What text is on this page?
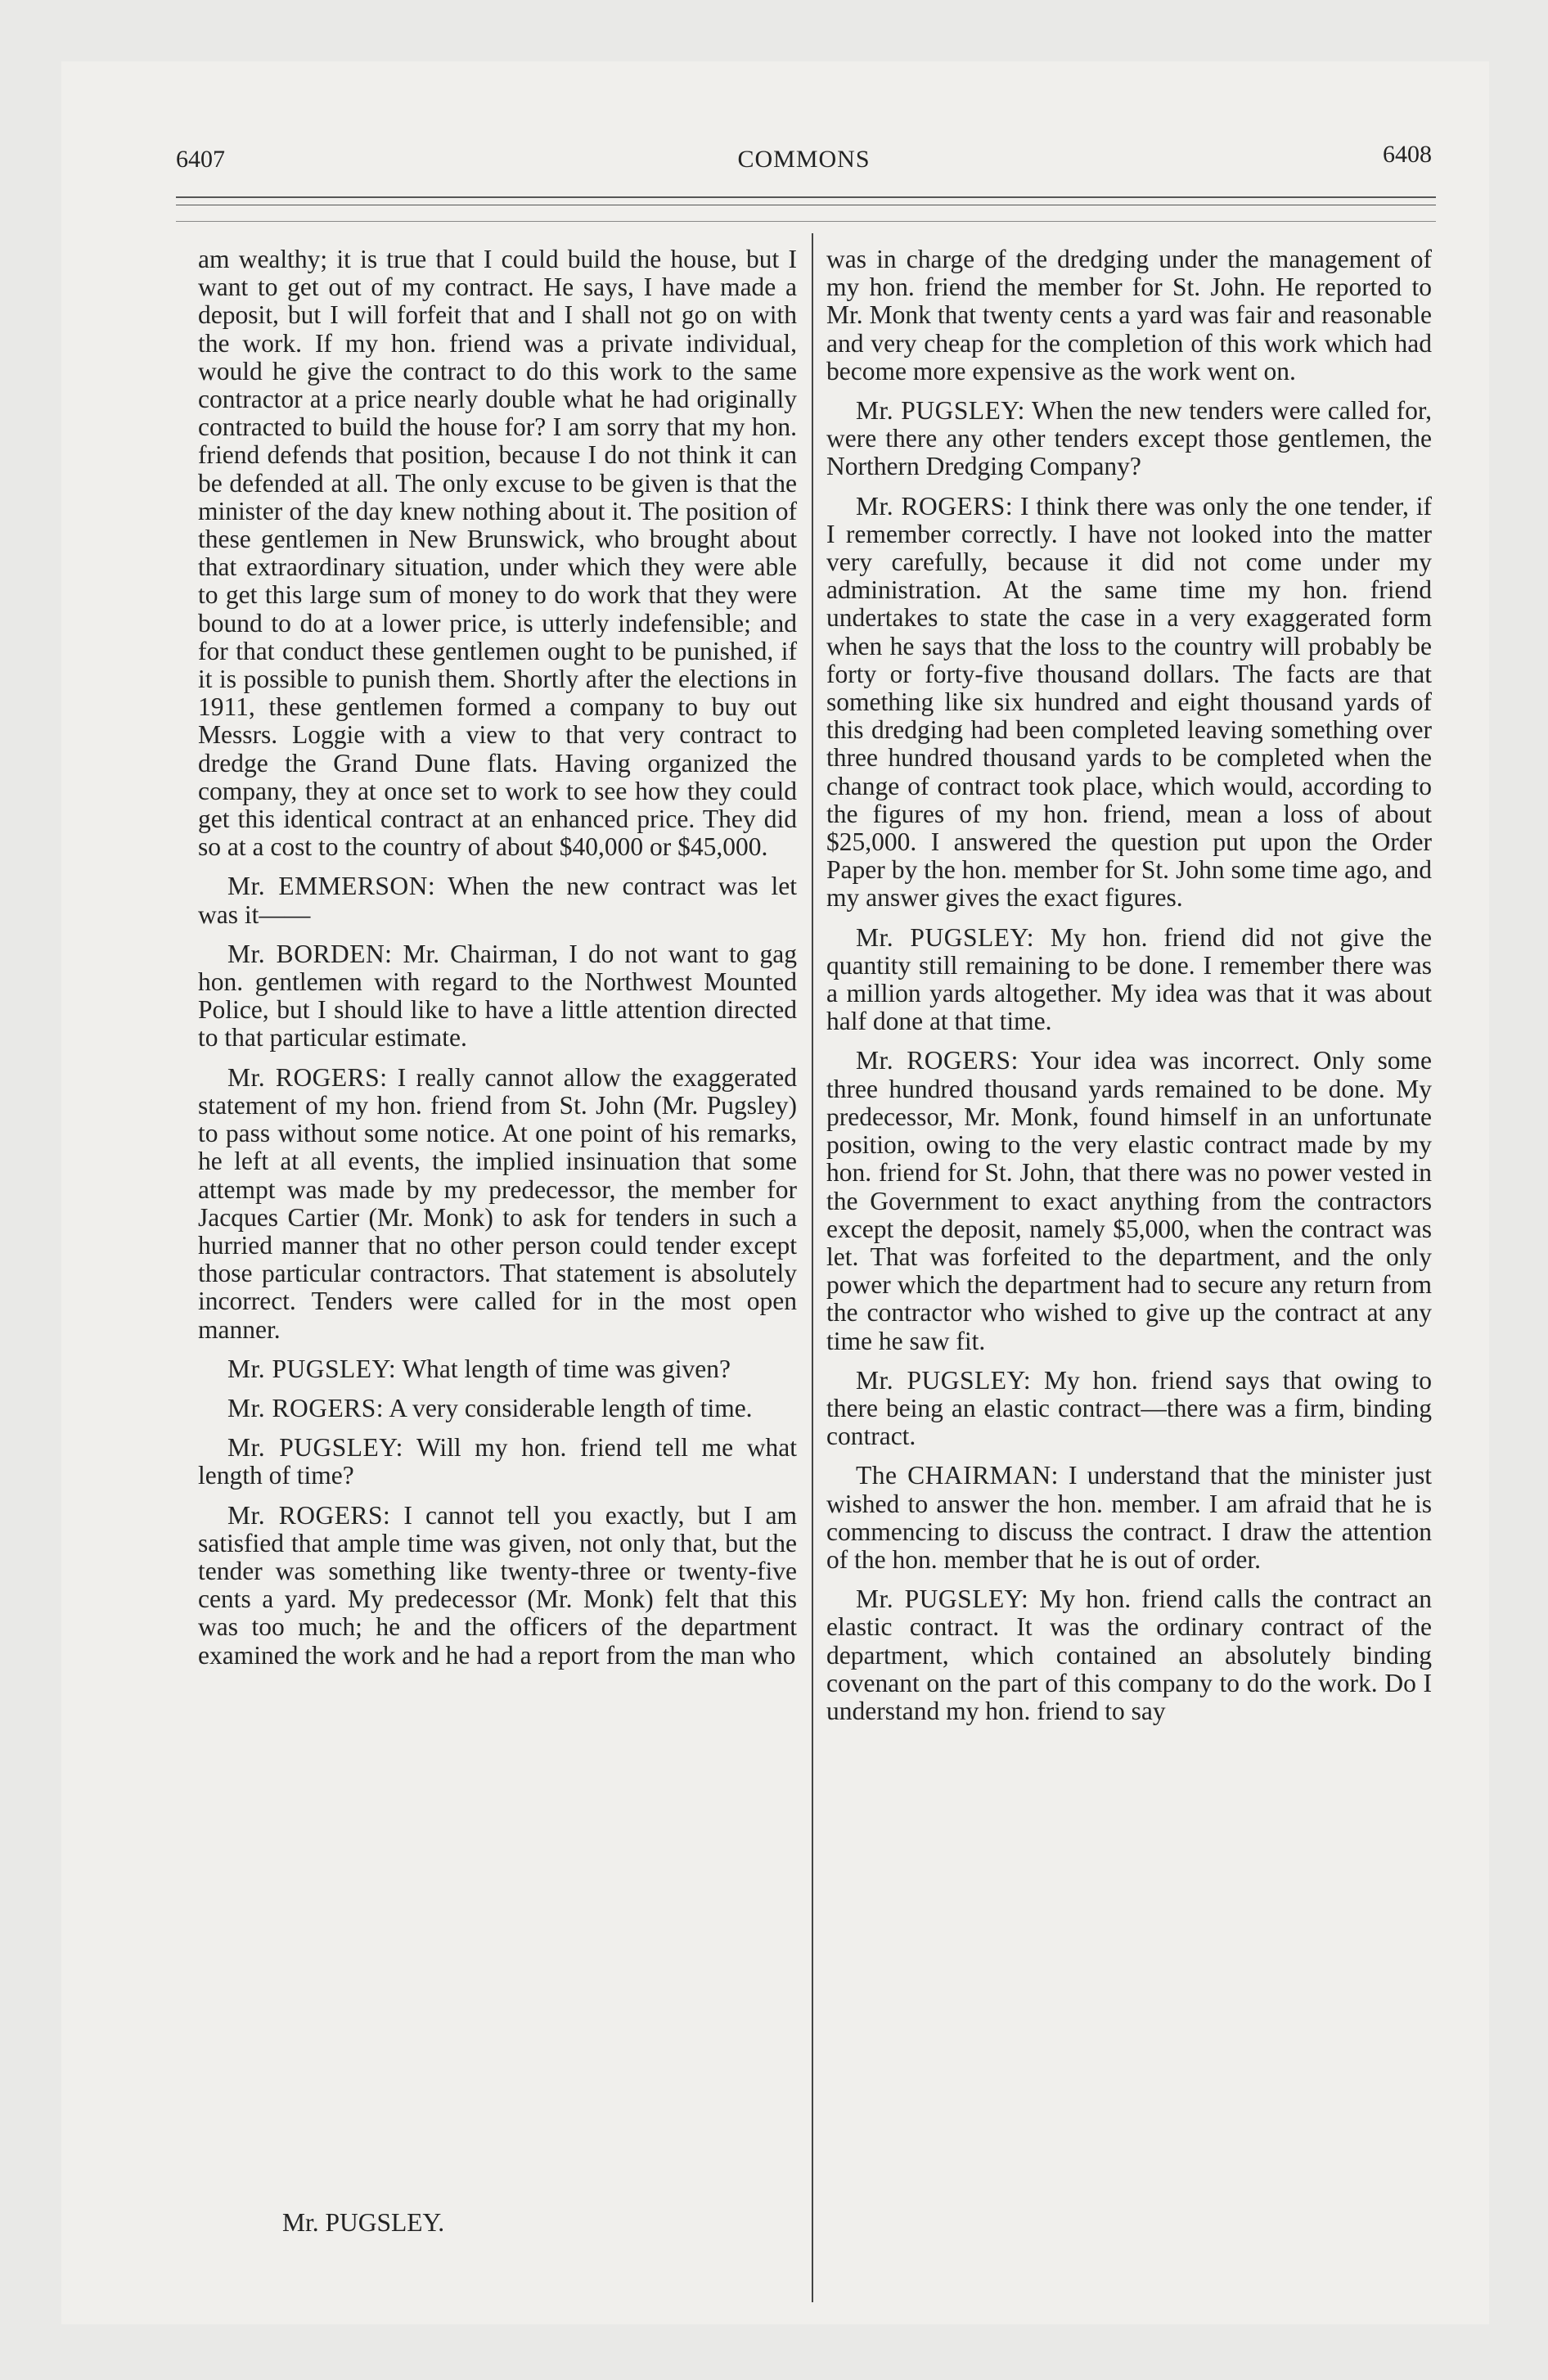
6407	COMMONS	6408

am wealthy; it is true that I could build the house, but I want to get out of my contract. He says, I have made a deposit, but I will forfeit that and I shall not go on with the work. If my hon. friend was a private individual, would he give the contract to do this work to the same contractor at a price nearly double what he had originally contracted to build the house for? I am sorry that my hon. friend defends that position, because I do not think it can be defended at all. The only excuse to be given is that the minister of the day knew nothing about it. The position of these gentlemen in New Brunswick, who brought about that extraordinary situation, under which they were able to get this large sum of money to do work that they were bound to do at a lower price, is utterly indefensible; and for that conduct these gentlemen ought to be punished, if it is possible to punish them. Shortly after the elections in 1911, these gentlemen formed a company to buy out Messrs. Loggie with a view to that very contract to dredge the Grand Dune flats. Having organized the company, they at once set to work to see how they could get this identical contract at an enhanced price. They did so at a cost to the country of about $40,000 or $45,000.

Mr. EMMERSON: When the new contract was let was it——

Mr. BORDEN: Mr. Chairman, I do not want to gag hon. gentlemen with regard to the Northwest Mounted Police, but I should like to have a little attention directed to that particular estimate.

Mr. ROGERS: I really cannot allow the exaggerated statement of my hon. friend from St. John (Mr. Pugsley) to pass without some notice. At one point of his remarks, he left at all events, the implied insinuation that some attempt was made by my predecessor, the member for Jacques Cartier (Mr. Monk) to ask for tenders in such a hurried manner that no other person could tender except those particular contractors. That statement is absolutely incorrect. Tenders were called for in the most open manner.

Mr. PUGSLEY: What length of time was given?

Mr. ROGERS: A very considerable length of time.

Mr. PUGSLEY: Will my hon. friend tell me what length of time?

Mr. ROGERS: I cannot tell you exactly, but I am satisfied that ample time was given, not only that, but the tender was something like twenty-three or twenty-five cents a yard. My predecessor (Mr. Monk) felt that this was too much; he and the officers of the department examined the work and he had a report from the man who

was in charge of the dredging under the management of my hon. friend the member for St. John. He reported to Mr. Monk that twenty cents a yard was fair and reasonable and very cheap for the completion of this work which had become more expensive as the work went on.

Mr. PUGSLEY: When the new tenders were called for, were there any other tenders except those gentlemen, the Northern Dredging Company?

Mr. ROGERS: I think there was only the one tender, if I remember correctly. I have not looked into the matter very carefully, because it did not come under my administration. At the same time my hon. friend undertakes to state the case in a very exaggerated form when he says that the loss to the country will probably be forty or forty-five thousand dollars. The facts are that something like six hundred and eight thousand yards of this dredging had been completed leaving something over three hundred thousand yards to be completed when the change of contract took place, which would, according to the figures of my hon. friend, mean a loss of about $25,000. I answered the question put upon the Order Paper by the hon. member for St. John some time ago, and my answer gives the exact figures.

Mr. PUGSLEY: My hon. friend did not give the quantity still remaining to be done. I remember there was a million yards altogether. My idea was that it was about half done at that time.

Mr. ROGERS: Your idea was incorrect. Only some three hundred thousand yards remained to be done. My predecessor, Mr. Monk, found himself in an unfortunate position, owing to the very elastic contract made by my hon. friend for St. John, that there was no power vested in the Government to exact anything from the contractors except the deposit, namely $5,000, when the contract was let. That was forfeited to the department, and the only power which the department had to secure any return from the contractor who wished to give up the contract at any time he saw fit.

Mr. PUGSLEY: My hon. friend says that owing to there being an elastic contract—there was a firm, binding contract.

The CHAIRMAN: I understand that the minister just wished to answer the hon. member. I am afraid that he is commencing to discuss the contract. I draw the attention of the hon. member that he is out of order.

Mr. PUGSLEY: My hon. friend calls the contract an elastic contract. It was the ordinary contract of the department, which contained an absolutely binding covenant on the part of this company to do the work. Do I understand my hon. friend to say

Mr. PUGSLEY.
